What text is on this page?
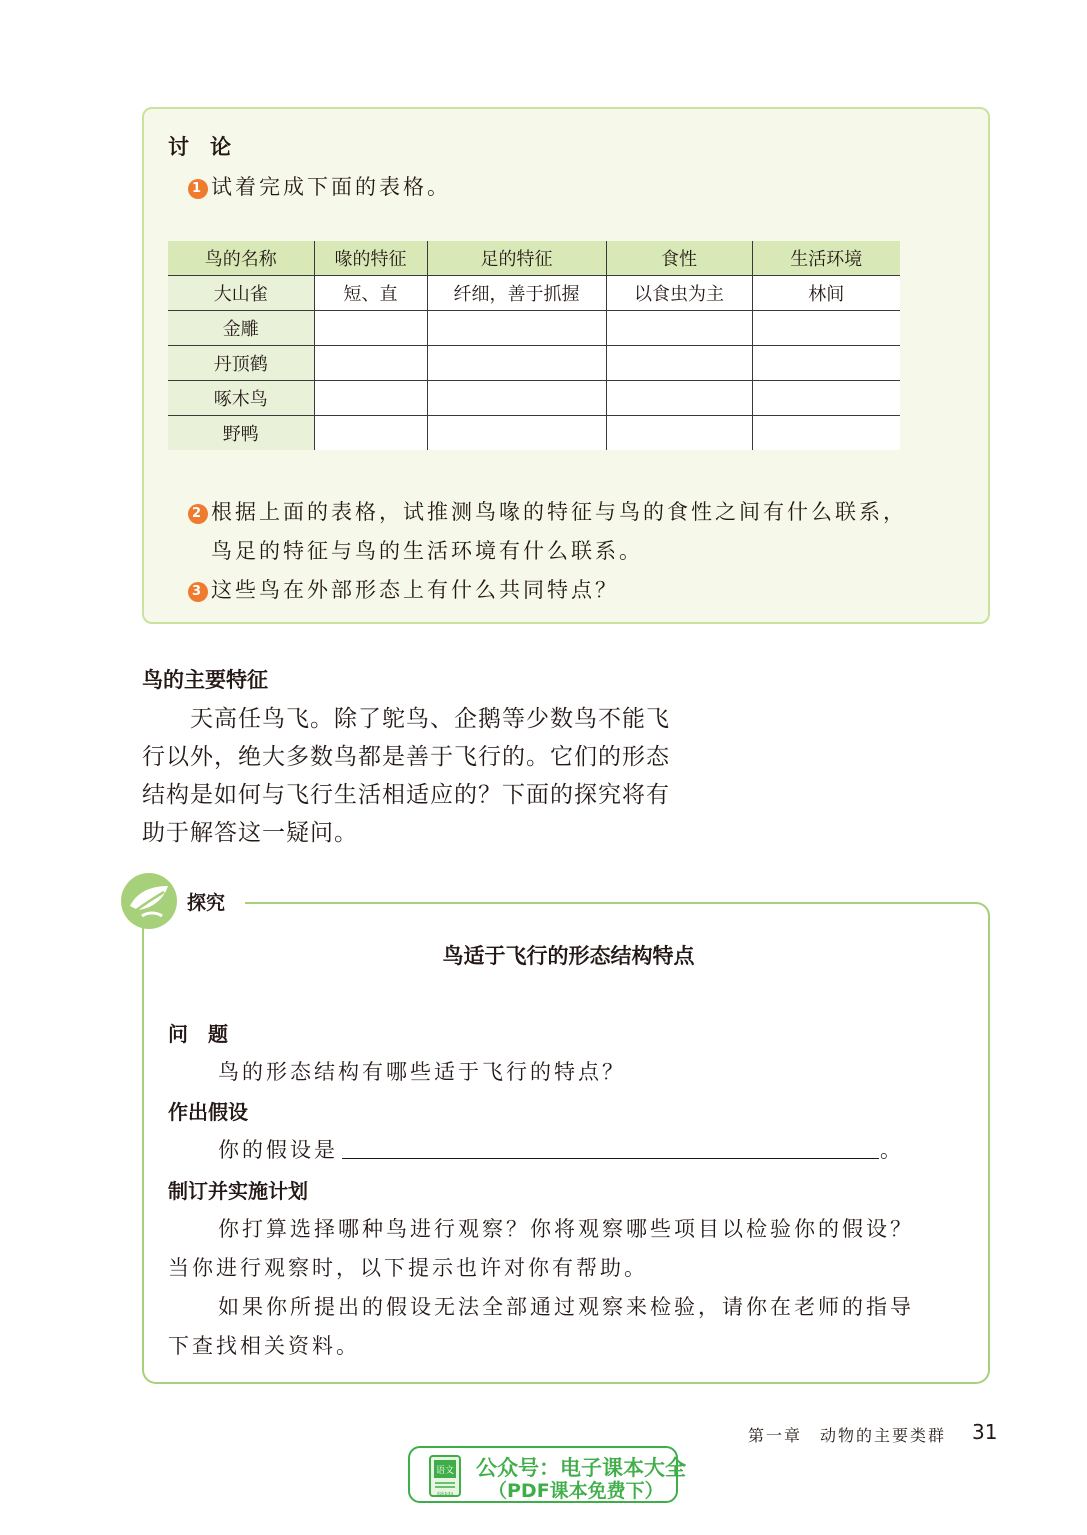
讨　论
1 试着完成下面的表格。
鸟的名称	喙的特征	足的特征	食性	生活环境
大山雀	短、直	纤细，善于抓握	以食虫为主	林间
金雕				
丹顶鹤				
啄木鸟				
野鸭				
2 根据上面的表格，试推测鸟喙的特征与鸟的食性之间有什么联系，
鸟足的特征与鸟的生活环境有什么联系。
3 这些鸟在外部形态上有什么共同特点？
鸟的主要特征
　　天高任鸟飞。除了鸵鸟、企鹅等少数鸟不能飞
行以外，绝大多数鸟都是善于飞行的。它们的形态
结构是如何与飞行生活相适应的？下面的探究将有
助于解答这一疑问。
探究
鸟适于飞行的形态结构特点
问　题
鸟的形态结构有哪些适于飞行的特点？
作出假设
你的假设是	。
制订并实施计划
你打算选择哪种鸟进行观察？你将观察哪些项目以检验你的假设？
当你进行观察时，以下提示也许对你有帮助。
如果你所提出的假设无法全部通过观察来检验，请你在老师的指导
下查找相关资料。
第一章　动物的主要类群 31
语文
dzkbdq
公众号：电子课本大全
（PDF课本免费下）
